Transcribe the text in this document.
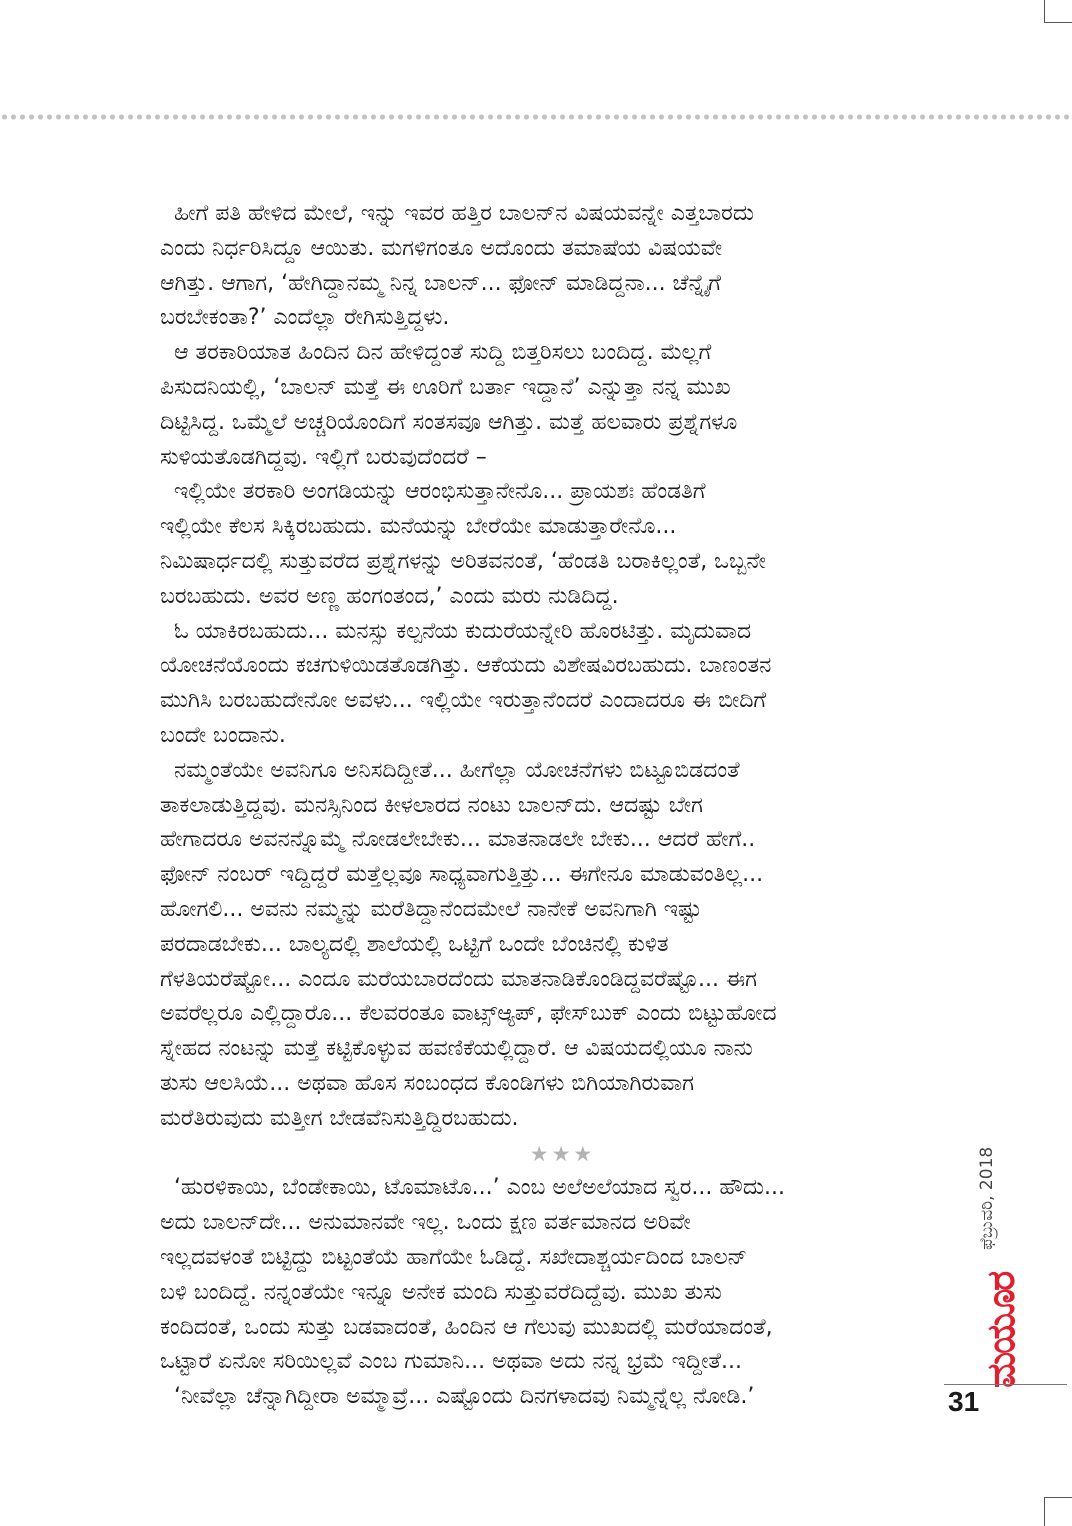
ಹೀಗೆ ಪತಿ ಹೇಳಿದ ಮೇಲೆ, ಇನ್ನು ಇವರ ಹತ್ತಿರ ಬಾಲನ್‌ನ ವಿಷಯವನ್ನೇ ಎತ್ತಬಾರದು
ಎಂದು ನಿರ್ಧರಿಸಿದ್ದೂ ಆಯಿತು. ಮಗಳಿಗಂತೂ ಅದೊಂದು ತಮಾಷೆಯ ವಿಷಯವೇ
ಆಗಿತ್ತು. ಆಗಾಗ, ‘ಹೇಗಿದ್ದಾನಮ್ಮ ನಿನ್ನ ಬಾಲನ್... ಫೋನ್ ಮಾಡಿದ್ದನಾ... ಚೆನ್ನೈಗೆ
ಬರಬೇಕಂತಾ?’ ಎಂದೆಲ್ಲಾ ರೇಗಿಸುತ್ತಿದ್ದಳು.
ಆ ತರಕಾರಿಯಾತ ಹಿಂದಿನ ದಿನ ಹೇಳಿದ್ದಂತೆ ಸುದ್ದಿ ಬಿತ್ತರಿಸಲು ಬಂದಿದ್ದ. ಮೆಲ್ಲಗೆ
ಪಿಸುದನಿಯಲ್ಲಿ, ‘ಬಾಲನ್ ಮತ್ತೆ ಈ ಊರಿಗೆ ಬರ್ತಾ ಇದ್ದಾನೆ’ ಎನ್ನುತ್ತಾ ನನ್ನ ಮುಖ
ದಿಟ್ಟಿಸಿದ್ದ. ಒಮ್ಮೆಲೆ ಅಚ್ಚರಿಯೊಂದಿಗೆ ಸಂತಸವೂ ಆಗಿತ್ತು. ಮತ್ತೆ ಹಲವಾರು ಪ್ರಶ್ನೆಗಳೂ
ಸುಳಿಯತೊಡಗಿದ್ದವು. ಇಲ್ಲಿಗೆ ಬರುವುದೆಂದರೆ –
ಇಲ್ಲಿಯೇ ತರಕಾರಿ ಅಂಗಡಿಯನ್ನು ಆರಂಭಿಸುತ್ತಾನೇನೊ... ಪ್ರಾಯಶಃ ಹೆಂಡತಿಗೆ
ಇಲ್ಲಿಯೇ ಕೆಲಸ ಸಿಕ್ಕಿರಬಹುದು. ಮನೆಯನ್ನು ಬೇರೆಯೇ ಮಾಡುತ್ತಾರೇನೊ...
ನಿಮಿಷಾರ್ಧದಲ್ಲಿ ಸುತ್ತುವರೆದ ಪ್ರಶ್ನೆಗಳನ್ನು ಅರಿತವನಂತೆ, ‘ಹೆಂಡತಿ ಬರಾಕಿಲ್ಲಂತೆ, ಒಬ್ಬನೇ
ಬರಬಹುದು. ಅವರ ಅಣ್ಣ ಹಂಗಂತಂದ,’ ಎಂದು ಮರು ನುಡಿದಿದ್ದ.
ಓ ಯಾಕಿರಬಹುದು... ಮನಸ್ಸು ಕಲ್ಪನೆಯ ಕುದುರೆಯನ್ನೇರಿ ಹೊರಟಿತ್ತು. ಮೃದುವಾದ
ಯೋಚನೆಯೊಂದು ಕಚಗುಳಿಯಿಡತೊಡಗಿತ್ತು. ಆಕೆಯದು ವಿಶೇಷವಿರಬಹುದು. ಬಾಣಂತನ
ಮುಗಿಸಿ ಬರಬಹುದೇನೋ ಅವಳು... ಇಲ್ಲಿಯೇ ಇರುತ್ತಾನೆಂದರೆ ಎಂದಾದರೂ ಈ ಬೀದಿಗೆ
ಬಂದೇ ಬಂದಾನು.
ನಮ್ಮಂತೆಯೇ ಅವನಿಗೂ ಅನಿಸದಿದ್ದೀತೆ... ಹೀಗೆಲ್ಲಾ ಯೋಚನೆಗಳು ಬಿಟ್ಟೂಬಿಡದಂತೆ
ತಾಕಲಾಡುತ್ತಿದ್ದವು. ಮನಸ್ಸಿನಿಂದ ಕೀಳಲಾರದ ನಂಟು ಬಾಲನ್‌ದು. ಆದಷ್ಟು ಬೇಗ
ಹೇಗಾದರೂ ಅವನನ್ನೊಮ್ಮೆ ನೋಡಲೇಬೇಕು... ಮಾತನಾಡಲೇ ಬೇಕು... ಆದರೆ ಹೇಗೆ..
ಫೋನ್ ನಂಬರ್ ಇದ್ದಿದ್ದರೆ ಮತ್ತೆಲ್ಲವೂ ಸಾಧ್ಯವಾಗುತ್ತಿತ್ತು... ಈಗೇನೂ ಮಾಡುವಂತಿಲ್ಲ...
ಹೋಗಲಿ... ಅವನು ನಮ್ಮನ್ನು ಮರೆತಿದ್ದಾನೆಂದಮೇಲೆ ನಾನೇಕೆ ಅವನಿಗಾಗಿ ಇಷ್ಟು
ಪರದಾಡಬೇಕು... ಬಾಲ್ಯದಲ್ಲಿ ಶಾಲೆಯಲ್ಲಿ ಒಟ್ಟಿಗೆ ಒಂದೇ ಬೆಂಚಿನಲ್ಲಿ ಕುಳಿತ
ಗೆಳತಿಯರೆಷ್ಟೋ... ಎಂದೂ ಮರೆಯಬಾರದೆಂದು ಮಾತನಾಡಿಕೊಂಡಿದ್ದವರೆಷ್ಟೊ... ಈಗ
ಅವರೆಲ್ಲರೂ ಎಲ್ಲಿದ್ದಾರೊ... ಕೆಲವರಂತೂ ವಾಟ್ಸ್‌ಆ್ಯಪ್, ಫೇಸ್‌ಬುಕ್ ಎಂದು ಬಿಟ್ಟುಹೋದ
ಸ್ನೇಹದ ನಂಟನ್ನು ಮತ್ತೆ ಕಟ್ಟಿಕೊಳ್ಳುವ ಹವಣಿಕೆಯಲ್ಲಿದ್ದಾರೆ. ಆ ವಿಷಯದಲ್ಲಿಯೂ ನಾನು
ತುಸು ಆಲಸಿಯೆ... ಅಥವಾ ಹೊಸ ಸಂಬಂಧದ ಕೊಂಡಿಗಳು ಬಿಗಿಯಾಗಿರುವಾಗ
ಮರೆತಿರುವುದು ಮತ್ತೀಗ ಬೇಡವೆನಿಸುತ್ತಿದ್ದಿರಬಹುದು.
★★★
‘ಹುರಳಿಕಾಯಿ, ಬೆಂಡೇಕಾಯಿ, ಟೊಮಾಟೊ...’ ಎಂಬ ಅಲೆಅಲೆಯಾದ ಸ್ವರ... ಹೌದು...
ಅದು ಬಾಲನ್‌ದೇ... ಅನುಮಾನವೇ ಇಲ್ಲ. ಒಂದು ಕ್ಷಣ ವರ್ತಮಾನದ ಅರಿವೇ
ಇಲ್ಲದವಳಂತೆ ಬಿಟ್ಟಿದ್ದು ಬಿಟ್ಟಂತೆಯೆ ಹಾಗೆಯೇ ಓಡಿದ್ದೆ. ಸಖೇದಾಶ್ಚರ್ಯದಿಂದ ಬಾಲನ್
ಬಳಿ ಬಂದಿದ್ದೆ. ನನ್ನಂತೆಯೇ ಇನ್ನೂ ಅನೇಕ ಮಂದಿ ಸುತ್ತುವರೆದಿದ್ದೆವು. ಮುಖ ತುಸು
ಕಂದಿದಂತೆ, ಒಂದು ಸುತ್ತು ಬಡವಾದಂತೆ, ಹಿಂದಿನ ಆ ಗೆಲುವು ಮುಖದಲ್ಲಿ ಮರೆಯಾದಂತೆ,
ಒಟ್ಟಾರೆ ಏನೋ ಸರಿಯಿಲ್ಲವೆ ಎಂಬ ಗುಮಾನಿ... ಅಥವಾ ಅದು ನನ್ನ ಭ್ರಮೆ ಇದ್ದೀತೆ...
‘ನೀವೆಲ್ಲಾ ಚೆನ್ನಾಗಿದ್ದೀರಾ ಅಮ್ಮಾವ್ರೆ... ಎಷ್ಟೊಂದು ದಿನಗಳಾದವು ನಿಮ್ಮನ್ನೆಲ್ಲ ನೋಡಿ.’
ಫೆಬ್ರುವರಿ, 2018
ಮಯೂರ
31
